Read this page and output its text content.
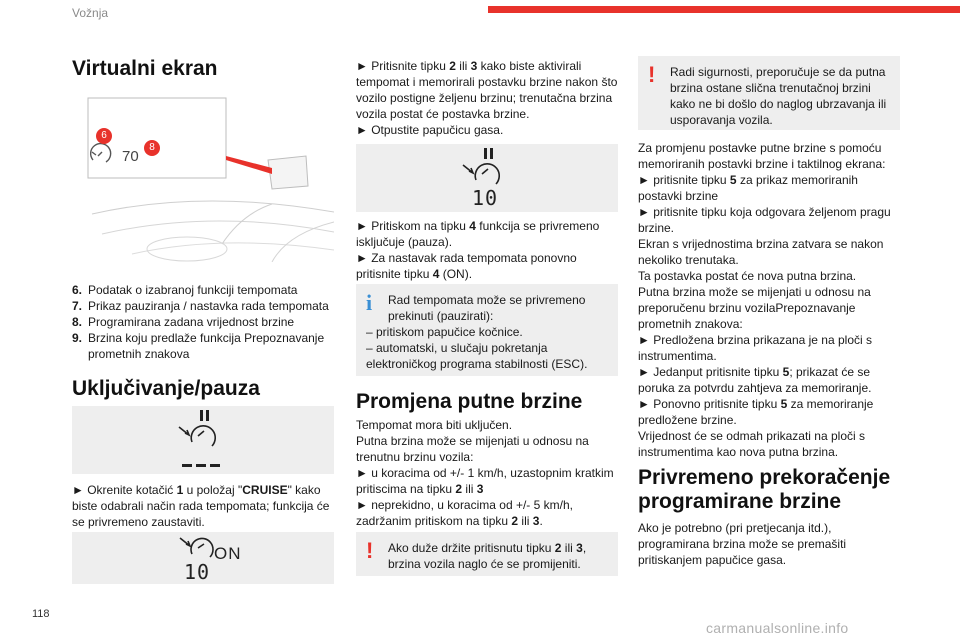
Vožnja
Virtualni ekran
6
8
70
6. Podatak o izabranoj funkciji tempomata
7. Prikaz pauziranja / nastavka rada tempomata
8. Programirana zadana vrijednost brzine
9. Brzina koju predlaže funkcija Prepoznavanje prometnih znakova
Uključivanje/pauza
► Okrenite kotačić 1 u položaj "CRUISE" kako biste odabrali način rada tempomata; funkcija će se privremeno zaustaviti.
ON
10
► Pritisnite tipku 2 ili 3 kako biste aktivirali tempomat i memorirali postavku brzine nakon što vozilo postigne željenu brzinu; trenutačna brzina vozila postat će postavka brzine.
► Otpustite papučicu gasa.
10
► Pritiskom na tipku 4 funkcija se privremeno isključuje (pauza).
► Za nastavak rada tempomata ponovno pritisnite tipku 4 (ON).
i	Rad tempomata može se privremeno prekinuti (pauzirati):
– pritiskom papučice kočnice.
– automatski, u slučaju pokretanja elektroničkog programa stabilnosti (ESC).
Promjena putne brzine
Tempomat mora biti uključen.
Putna brzina može se mijenjati u odnosu na trenutnu brzinu vozila:
► u koracima od +/- 1 km/h, uzastopnim kratkim pritiscima na tipku 2 ili 3
► neprekidno, u koracima od +/- 5 km/h, zadržanim pritiskom na tipku 2 ili 3.
! Ako duže držite pritisnutu tipku 2 ili 3, brzina vozila naglo će se promijeniti.
!	Radi sigurnosti, preporučuje se da putna brzina ostane slična trenutačnoj brzini kako ne bi došlo do naglog ubrzavanja ili usporavanja vozila.
Za promjenu postavke putne brzine s pomoću memoriranih postavki brzine i taktilnog ekrana:
► pritisnite tipku 5 za prikaz memoriranih postavki brzine
► pritisnite tipku koja odgovara željenom pragu brzine.
Ekran s vrijednostima brzina zatvara se nakon nekoliko trenutaka.
Ta postavka postat će nova putna brzina.
Putna brzina može se mijenjati u odnosu na preporučenu brzinu vozilaPrepoznavanje prometnih znakova:
► Predložena brzina prikazana je na ploči s instrumentima.
► Jedanput pritisnite tipku 5; prikazat će se poruka za potvrdu zahtjeva za memoriranje.
► Ponovno pritisnite tipku 5 za memoriranje predložene brzine.
Vrijednost će se odmah prikazati na ploči s instrumentima kao nova putna brzina.
Privremeno prekoračenje
programirane brzine
Ako je potrebno (pri pretjecanja itd.), programirana brzina može se premašiti pritiskanjem papučice gasa.
118
carmanualsonline.info
